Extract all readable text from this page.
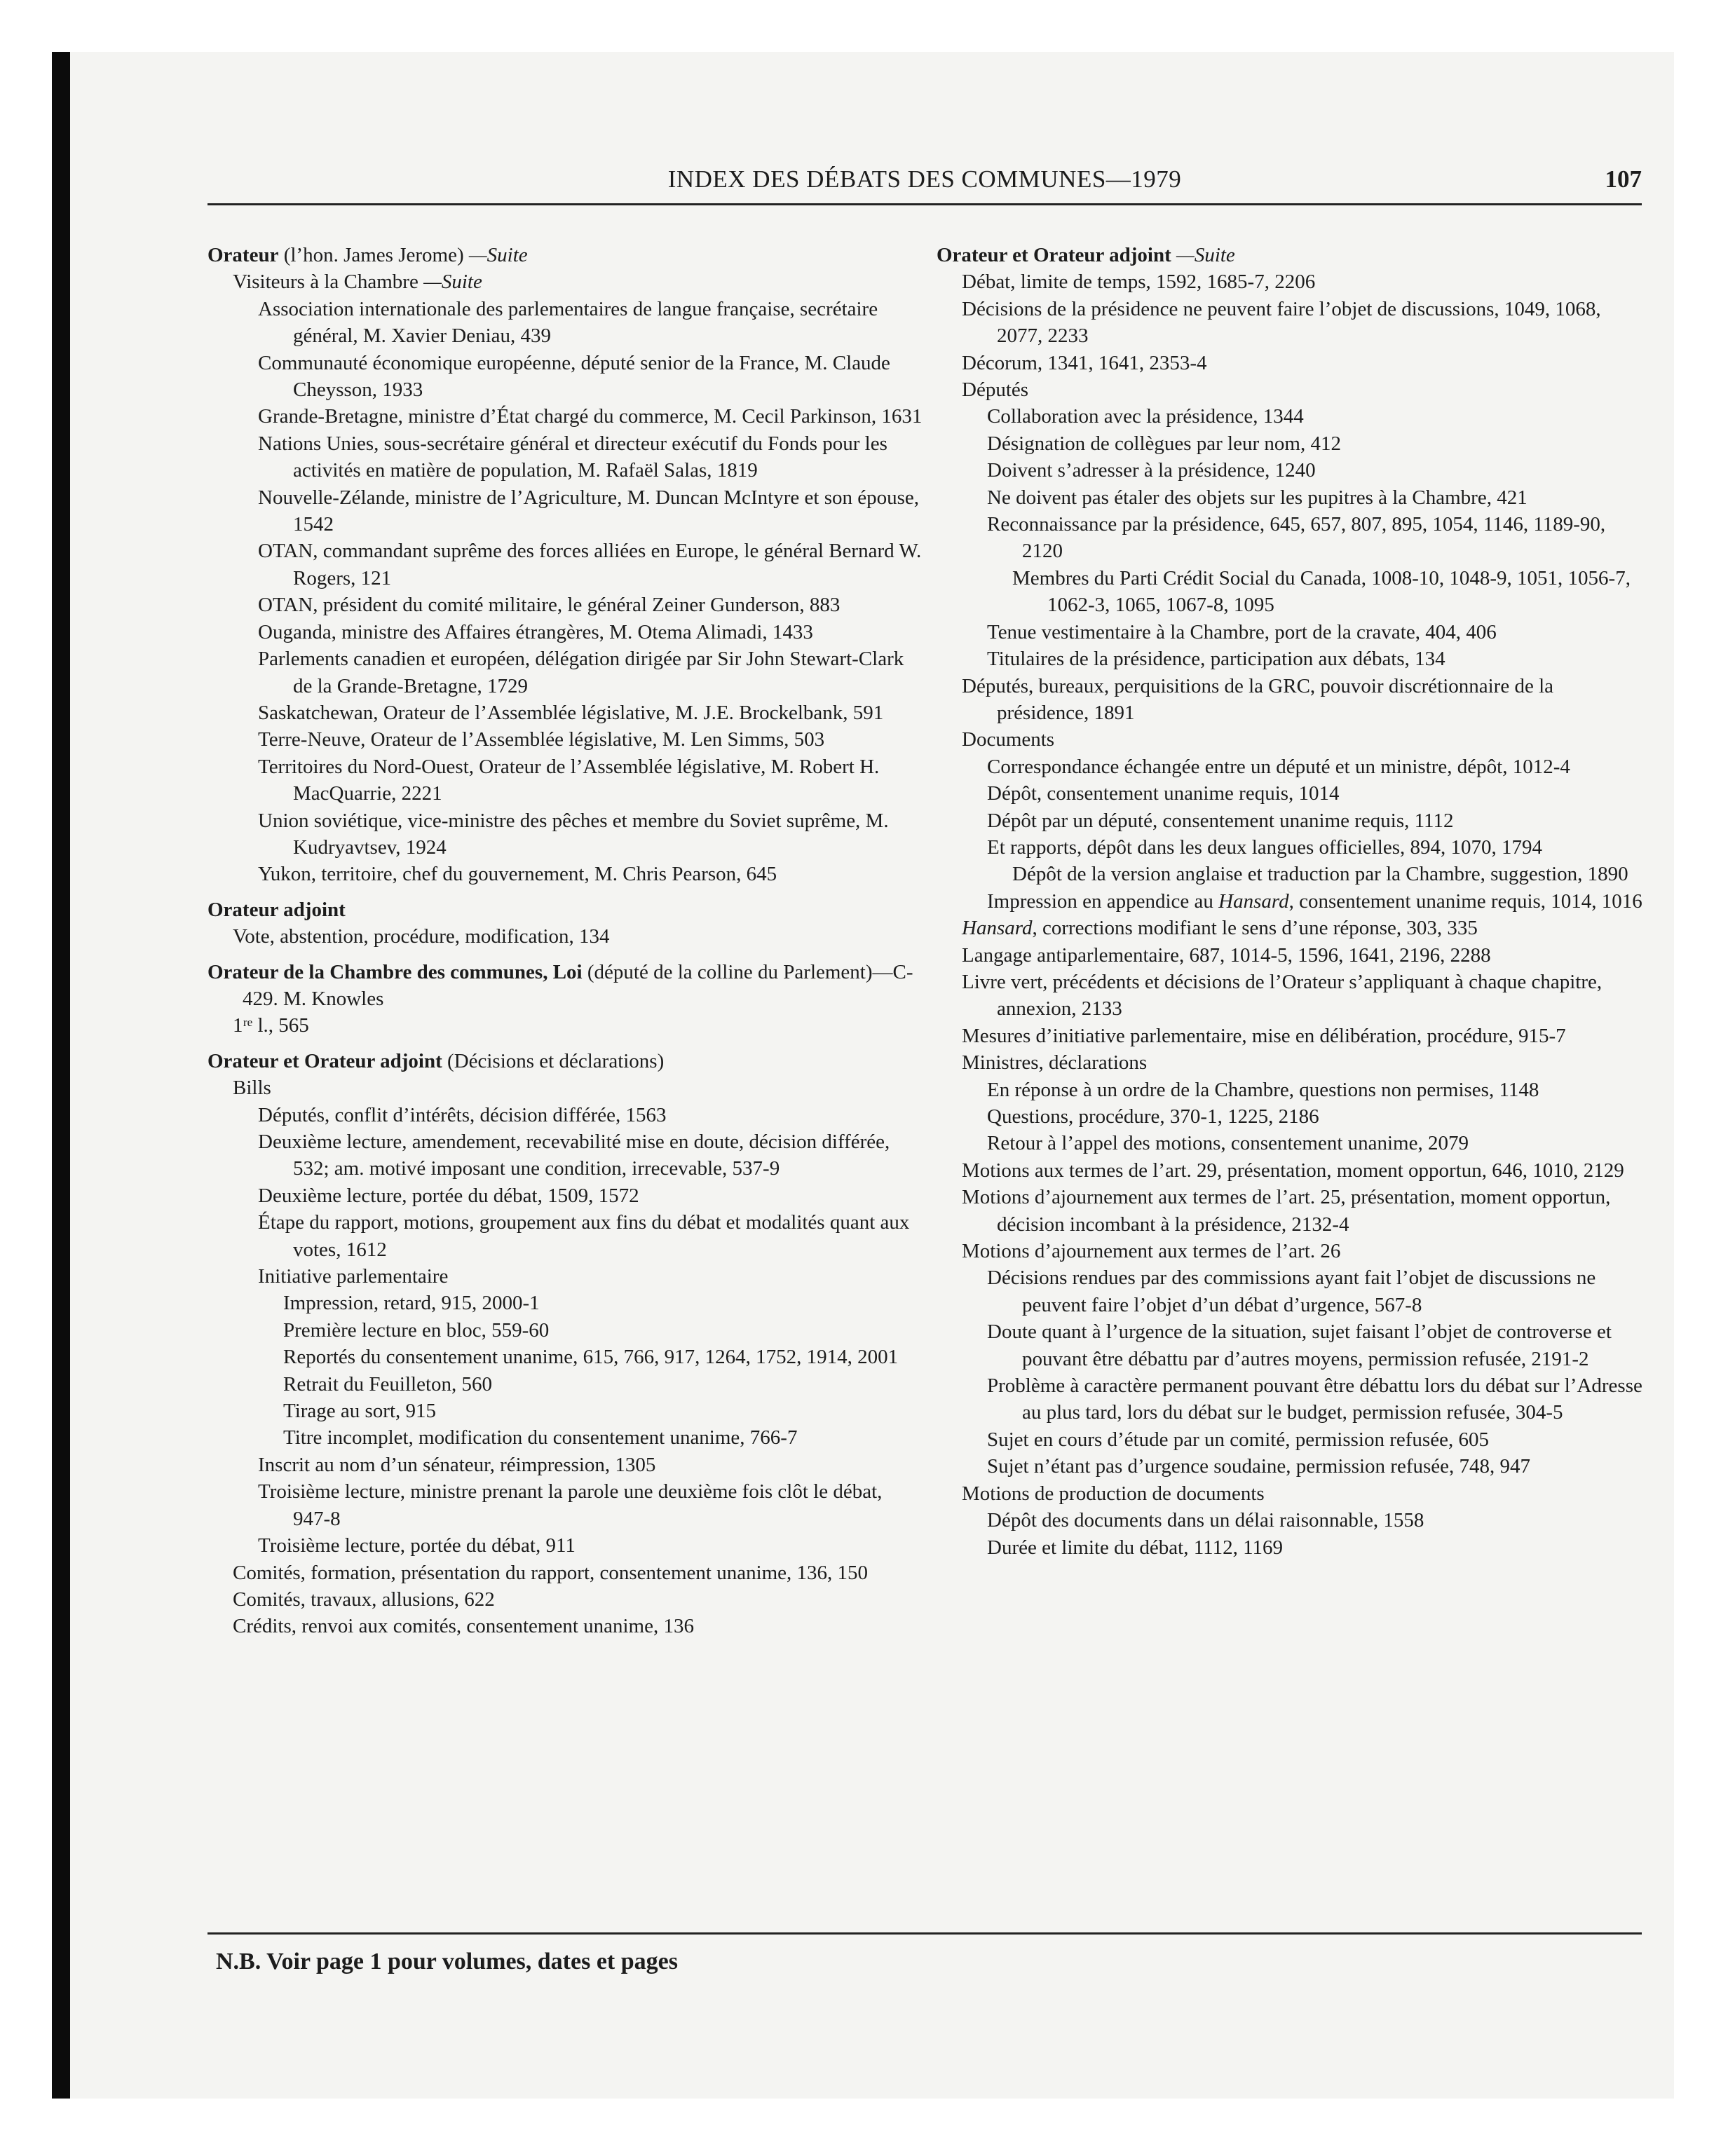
INDEX DES DÉBATS DES COMMUNES—1979	107
Orateur (l’hon. James Jerome) —Suite
Visiteurs à la Chambre —Suite
Association internationale des parlementaires de langue française, secrétaire général, M. Xavier Deniau, 439
Communauté économique européenne, député senior de la France, M. Claude Cheysson, 1933
Grande-Bretagne, ministre d’État chargé du commerce, M. Cecil Parkinson, 1631
Nations Unies, sous-secrétaire général et directeur exécutif du Fonds pour les activités en matière de population, M. Rafaël Salas, 1819
Nouvelle-Zélande, ministre de l’Agriculture, M. Duncan McIntyre et son épouse, 1542
OTAN, commandant suprême des forces alliées en Europe, le général Bernard W. Rogers, 121
OTAN, président du comité militaire, le général Zeiner Gunderson, 883
Ouganda, ministre des Affaires étrangères, M. Otema Alimadi, 1433
Parlements canadien et européen, délégation dirigée par Sir John Stewart-Clark de la Grande-Bretagne, 1729
Saskatchewan, Orateur de l’Assemblée législative, M. J.E. Brockelbank, 591
Terre-Neuve, Orateur de l’Assemblée législative, M. Len Simms, 503
Territoires du Nord-Ouest, Orateur de l’Assemblée législative, M. Robert H. MacQuarrie, 2221
Union soviétique, vice-ministre des pêches et membre du Soviet suprême, M. Kudryavtsev, 1924
Yukon, territoire, chef du gouvernement, M. Chris Pearson, 645
Orateur adjoint
Vote, abstention, procédure, modification, 134
Orateur de la Chambre des communes, Loi (député de la colline du Parlement)—C-429. M. Knowles
1ʳᵉ l., 565
Orateur et Orateur adjoint (Décisions et déclarations)
Bills
Députés, conflit d’intérêts, décision différée, 1563
Deuxième lecture, amendement, recevabilité mise en doute, décision différée, 532; am. motivé imposant une condition, irrecevable, 537-9
Deuxième lecture, portée du débat, 1509, 1572
Étape du rapport, motions, groupement aux fins du débat et modalités quant aux votes, 1612
Initiative parlementaire
Impression, retard, 915, 2000-1
Première lecture en bloc, 559-60
Reportés du consentement unanime, 615, 766, 917, 1264, 1752, 1914, 2001
Retrait du Feuilleton, 560
Tirage au sort, 915
Titre incomplet, modification du consentement unanime, 766-7
Inscrit au nom d’un sénateur, réimpression, 1305
Troisième lecture, ministre prenant la parole une deuxième fois clôt le débat, 947-8
Troisième lecture, portée du débat, 911
Comités, formation, présentation du rapport, consentement unanime, 136, 150
Comités, travaux, allusions, 622
Crédits, renvoi aux comités, consentement unanime, 136
Orateur et Orateur adjoint —Suite
Débat, limite de temps, 1592, 1685-7, 2206
Décisions de la présidence ne peuvent faire l’objet de discussions, 1049, 1068, 2077, 2233
Décorum, 1341, 1641, 2353-4
Députés
Collaboration avec la présidence, 1344
Désignation de collègues par leur nom, 412
Doivent s’adresser à la présidence, 1240
Ne doivent pas étaler des objets sur les pupitres à la Chambre, 421
Reconnaissance par la présidence, 645, 657, 807, 895, 1054, 1146, 1189-90, 2120
Membres du Parti Crédit Social du Canada, 1008-10, 1048-9, 1051, 1056-7, 1062-3, 1065, 1067-8, 1095
Tenue vestimentaire à la Chambre, port de la cravate, 404, 406
Titulaires de la présidence, participation aux débats, 134
Députés, bureaux, perquisitions de la GRC, pouvoir discrétionnaire de la présidence, 1891
Documents
Correspondance échangée entre un député et un ministre, dépôt, 1012-4
Dépôt, consentement unanime requis, 1014
Dépôt par un député, consentement unanime requis, 1112
Et rapports, dépôt dans les deux langues officielles, 894, 1070, 1794
Dépôt de la version anglaise et traduction par la Chambre, suggestion, 1890
Impression en appendice au Hansard, consentement unanime requis, 1014, 1016
Hansard, corrections modifiant le sens d’une réponse, 303, 335
Langage antiparlementaire, 687, 1014-5, 1596, 1641, 2196, 2288
Livre vert, précédents et décisions de l’Orateur s’appliquant à chaque chapitre, annexion, 2133
Mesures d’initiative parlementaire, mise en délibération, procédure, 915-7
Ministres, déclarations
En réponse à un ordre de la Chambre, questions non permises, 1148
Questions, procédure, 370-1, 1225, 2186
Retour à l’appel des motions, consentement unanime, 2079
Motions aux termes de l’art. 29, présentation, moment opportun, 646, 1010, 2129
Motions d’ajournement aux termes de l’art. 25, présentation, moment opportun, décision incombant à la présidence, 2132-4
Motions d’ajournement aux termes de l’art. 26
Décisions rendues par des commissions ayant fait l’objet de discussions ne peuvent faire l’objet d’un débat d’urgence, 567-8
Doute quant à l’urgence de la situation, sujet faisant l’objet de controverse et pouvant être débattu par d’autres moyens, permission refusée, 2191-2
Problème à caractère permanent pouvant être débattu lors du débat sur l’Adresse au plus tard, lors du débat sur le budget, permission refusée, 304-5
Sujet en cours d’étude par un comité, permission refusée, 605
Sujet n’étant pas d’urgence soudaine, permission refusée, 748, 947
Motions de production de documents
Dépôt des documents dans un délai raisonnable, 1558
Durée et limite du débat, 1112, 1169
N.B. Voir page 1 pour volumes, dates et pages
